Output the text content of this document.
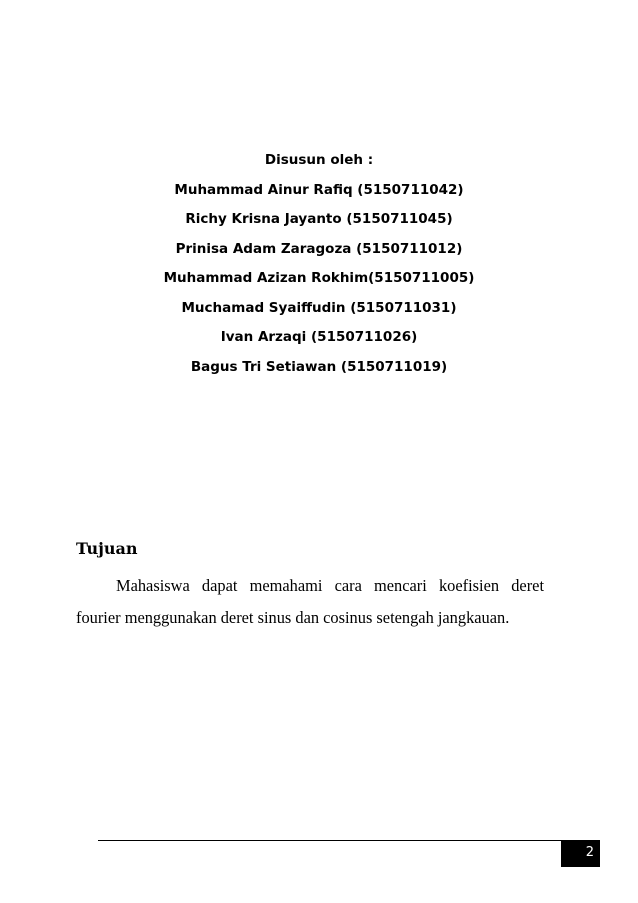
Disusun oleh :
Muhammad Ainur Rafiq (5150711042)
Richy Krisna Jayanto (5150711045)
Prinisa Adam Zaragoza (5150711012)
Muhammad Azizan Rokhim(5150711005)
Muchamad Syaiffudin (5150711031)
Ivan Arzaqi (5150711026)
Bagus Tri Setiawan (5150711019)
Tujuan

Mahasiswa dapat memahami cara mencari koefisien deret fourier menggunakan deret sinus dan cosinus setengah jangkauan.

2
